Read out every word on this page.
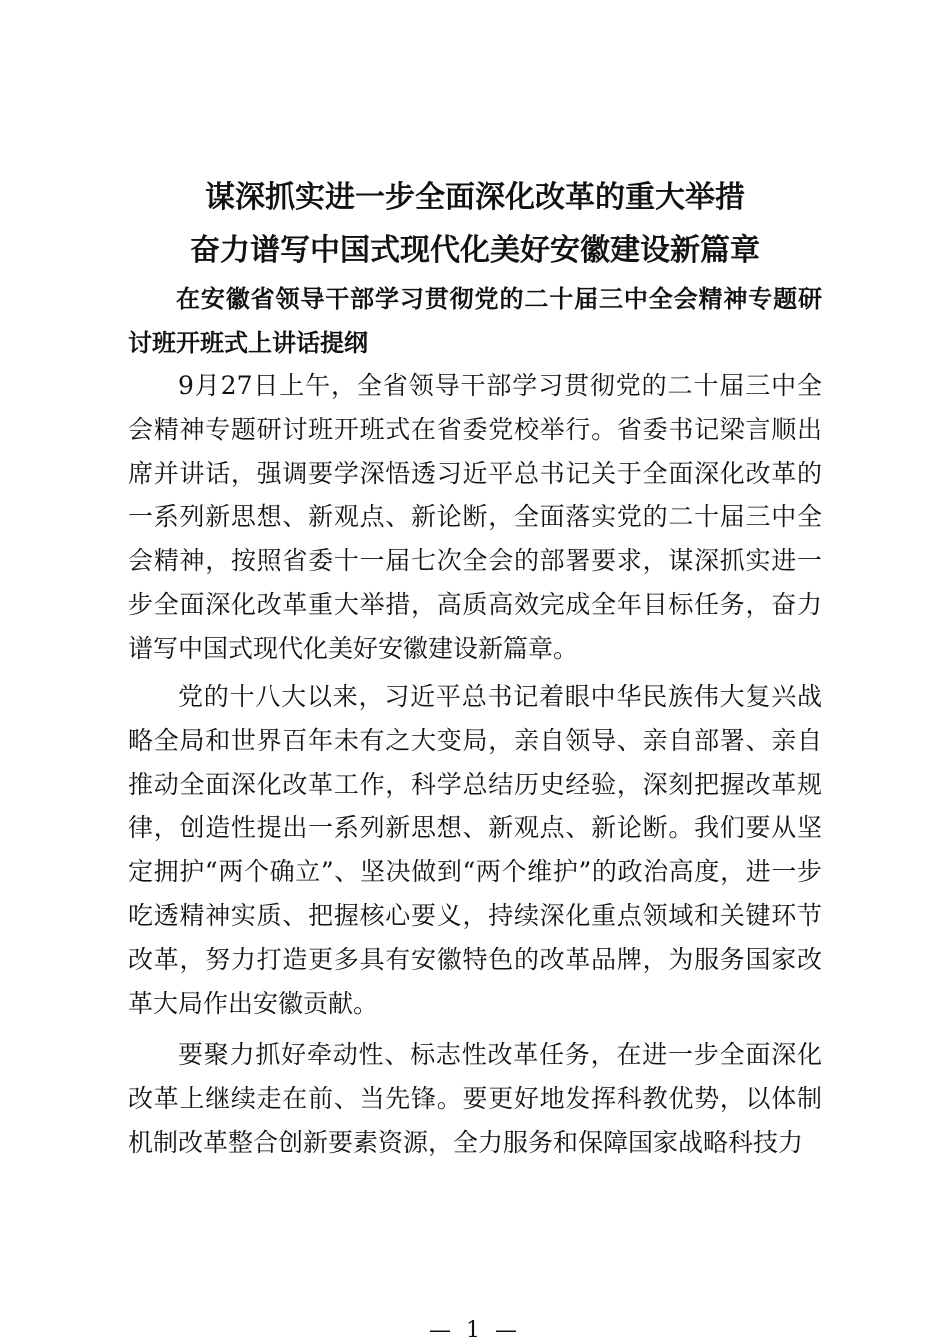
谋深抓实进一步全面深化改革的重大举措
奋力谱写中国式现代化美好安徽建设新篇章
在安徽省领导干部学习贯彻党的二十届三中全会精神专题研讨班开班式上讲话提纲

9月27日上午，全省领导干部学习贯彻党的二十届三中全会精神专题研讨班开班式在省委党校举行。省委书记梁言顺出席并讲话，强调要学深悟透习近平总书记关于全面深化改革的一系列新思想、新观点、新论断，全面落实党的二十届三中全会精神，按照省委十一届七次全会的部署要求，谋深抓实进一步全面深化改革重大举措，高质高效完成全年目标任务，奋力谱写中国式现代化美好安徽建设新篇章。

党的十八大以来，习近平总书记着眼中华民族伟大复兴战略全局和世界百年未有之大变局，亲自领导、亲自部署、亲自推动全面深化改革工作，科学总结历史经验，深刻把握改革规律，创造性提出一系列新思想、新观点、新论断。我们要从坚定拥护“两个确立”、坚决做到“两个维护”的政治高度，进一步吃透精神实质、把握核心要义，持续深化重点领域和关键环节改革，努力打造更多具有安徽特色的改革品牌，为服务国家改革大局作出安徽贡献。

要聚力抓好牵动性、标志性改革任务，在进一步全面深化改革上继续走在前、当先锋。要更好地发挥科教优势，以体制机制改革整合创新要素资源，全力服务和保障国家战略科技力

— 1 —
